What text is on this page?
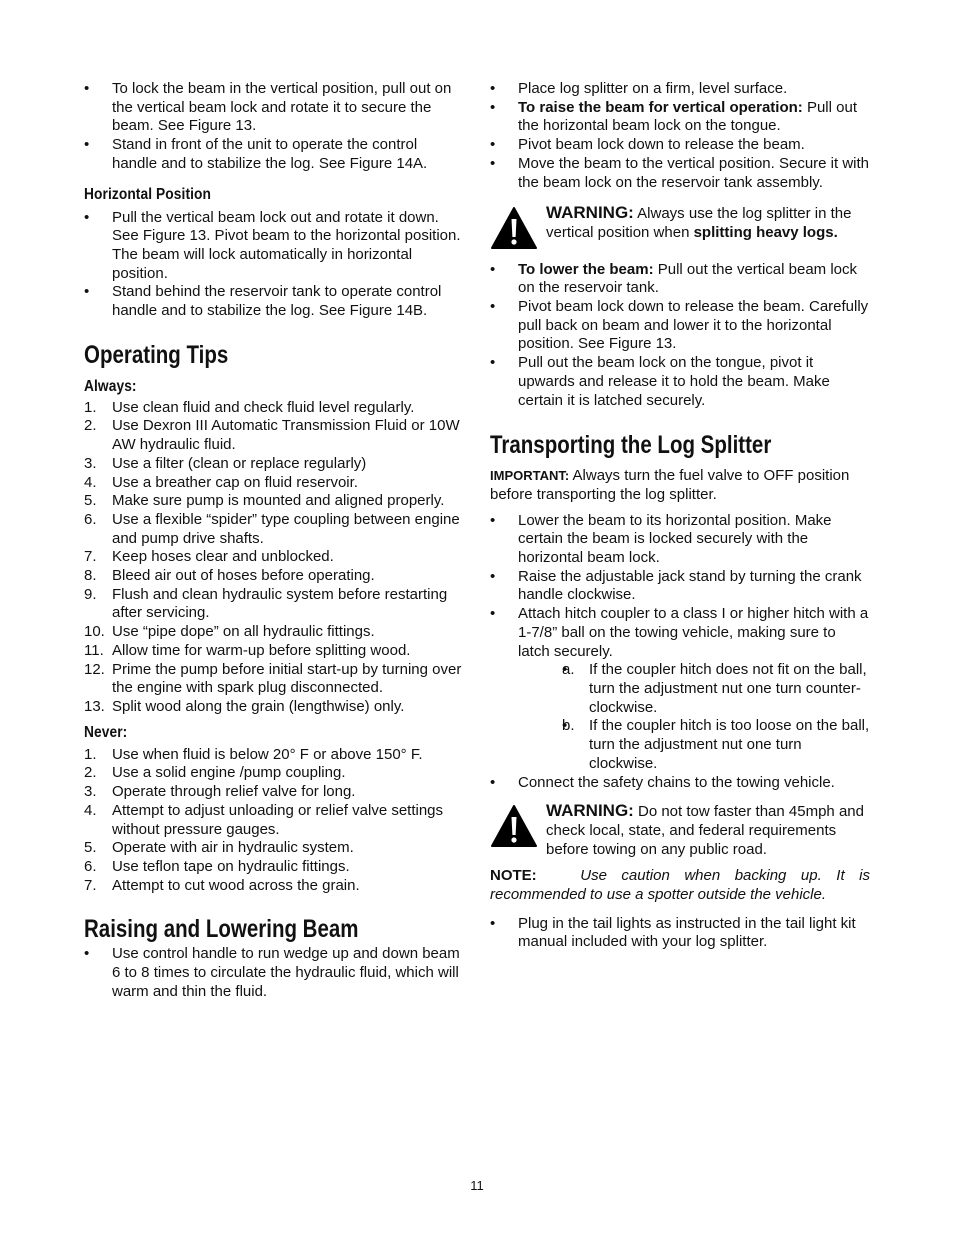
• To lock the beam in the vertical position, pull out on the vertical beam lock and rotate it to secure the beam. See Figure 13.
• Stand in front of the unit to operate the control handle and to stabilize the log. See Figure 14A.

Horizontal Position

• Pull the vertical beam lock out and rotate it down. See Figure 13. Pivot beam to the horizontal position. The beam will lock automatically in horizontal position.
• Stand behind the reservoir tank to operate control handle and to stabilize the log. See Figure 14B.

Operating Tips

Always:

1. Use clean fluid and check fluid level regularly.
2. Use Dexron III Automatic Transmission Fluid or 10W AW hydraulic fluid.
3. Use a filter (clean or replace regularly)
4. Use a breather cap on fluid reservoir.
5. Make sure pump is mounted and aligned properly.
6. Use a flexible “spider” type coupling between engine and pump drive shafts.
7. Keep hoses clear and unblocked.
8. Bleed air out of hoses before operating.
9. Flush and clean hydraulic system before restarting after servicing.
10. Use “pipe dope” on all hydraulic fittings.
11. Allow time for warm-up before splitting wood.
12. Prime the pump before initial start-up by turning over the engine with spark plug disconnected.
13. Split wood along the grain (lengthwise) only.

Never:

1. Use when fluid is below 20° F or above 150° F.
2. Use a solid engine /pump coupling.
3. Operate through relief valve for long.
4. Attempt to adjust unloading or relief valve settings without pressure gauges.
5. Operate with air in hydraulic system.
6. Use teflon tape on hydraulic fittings.
7. Attempt to cut wood across the grain.

Raising and Lowering Beam

• Use control handle to run wedge up and down beam 6 to 8 times to circulate the hydraulic fluid, which will warm and thin the fluid.
• Place log splitter on a firm, level surface.
• To raise the beam for vertical operation: Pull out the horizontal beam lock on the tongue.
• Pivot beam lock down to release the beam.
• Move the beam to the vertical position. Secure it with the beam lock on the reservoir tank assembly.
WARNING: Always use the log splitter in the vertical position when splitting heavy logs.
• To lower the beam: Pull out the vertical beam lock on the reservoir tank.
• Pivot beam lock down to release the beam. Carefully pull back on beam and lower it to the horizontal position. See Figure 13.
• Pull out the beam lock on the tongue, pivot it upwards and release it to hold the beam. Make certain it is latched securely.

Transporting the Log Splitter

IMPORTANT: Always turn the fuel valve to OFF position before transporting the log splitter.

• Lower the beam to its horizontal position. Make certain the beam is locked securely with the horizontal beam lock.
• Raise the adjustable jack stand by turning the crank handle clockwise.
• Attach hitch coupler to a class I or higher hitch with a 1-7/8” ball on the towing vehicle, making sure to latch securely.
• a. If the coupler hitch does not fit on the ball, turn the adjustment nut one turn counter-clockwise.
• b. If the coupler hitch is too loose on the ball, turn the adjustment nut one turn clockwise.
• Connect the safety chains to the towing vehicle.
WARNING: Do not tow faster than 45mph and check local, state, and federal requirements before towing on any public road.

NOTE:	Use caution when backing up. It is recommended to use a spotter outside the vehicle.

• Plug in the tail lights as instructed in the tail light kit manual included with your log splitter.
11
